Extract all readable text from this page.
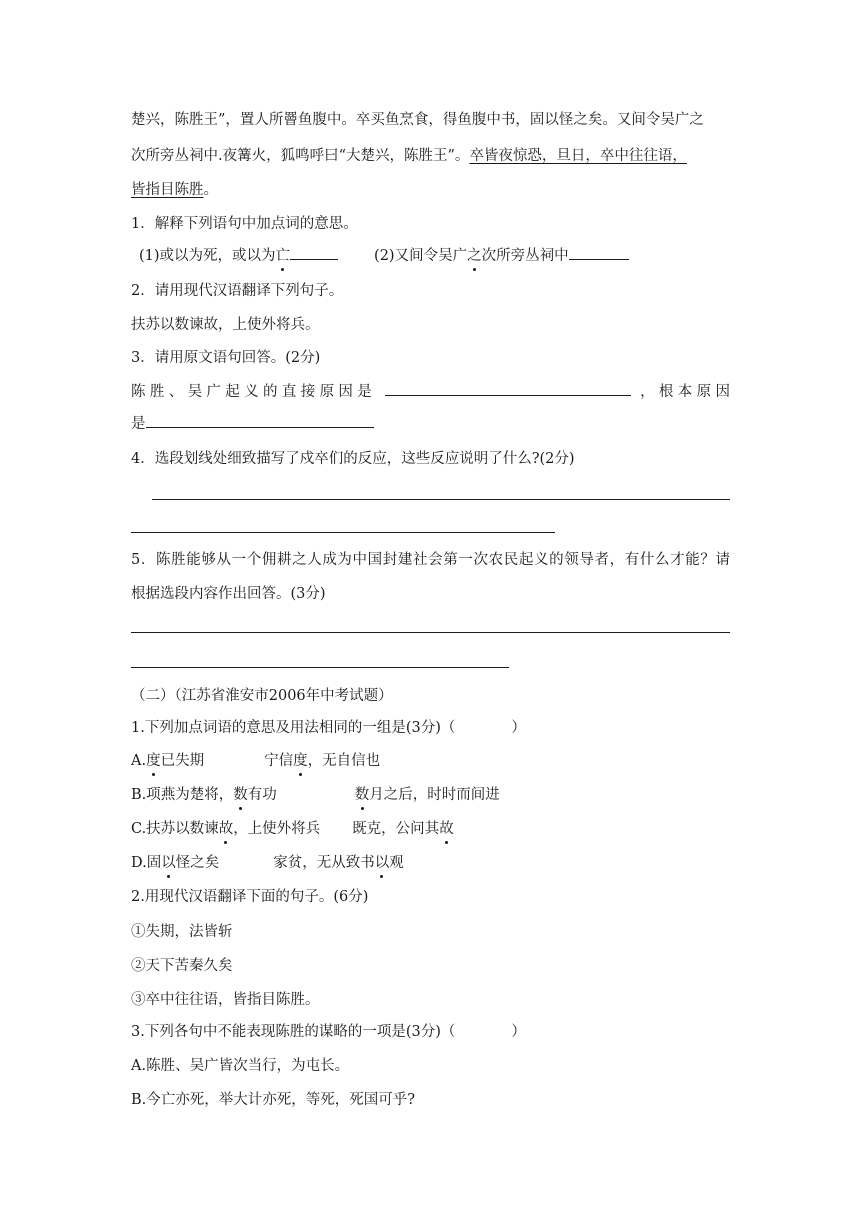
楚兴，陈胜王”，置人所罾鱼腹中。卒买鱼烹食，得鱼腹中书，固以怪之矣。又间令吴广之
次所旁丛祠中.夜篝火，狐鸣呼曰“大楚兴，陈胜王”。卒皆夜惊恐，旦日，卒中往往语，
皆指目陈胜。
1．解释下列语句中加点词的意思。
(1)或以为死，或以为亡	(2)又间令吴广之次所旁丛祠中
2．请用现代汉语翻译下列句子。
扶苏以数谏故，上使外将兵。
3．请用原文语句回答。(2分)
陈胜、吴广起义的直接原因是	，根本原因
是
4．选段划线处细致描写了戍卒们的反应，这些反应说明了什么?(2分)
5．陈胜能够从一个佣耕之人成为中国封建社会第一次农民起义的领导者，有什么才能？请
根据选段内容作出回答。(3分)
（二）（江苏省淮安市2006年中考试题）
1.下列加点词语的意思及用法相同的一组是(3分)（	）
A.度已失期	宁信度，无自信也
B.项燕为楚将，数有功	数月之后，时时而间进
C.扶苏以数谏故，上使外将兵 既克，公问其故
D.固以怪之矣	家贫，无从致书以观
2.用现代汉语翻译下面的句子。(6分)
①失期，法皆斩
②天下苦秦久矣
③卒中往往语，皆指目陈胜。
3.下列各句中不能表现陈胜的谋略的一项是(3分)（	）
A.陈胜、吴广皆次当行，为屯长。
B.今亡亦死，举大计亦死，等死，死国可乎?
